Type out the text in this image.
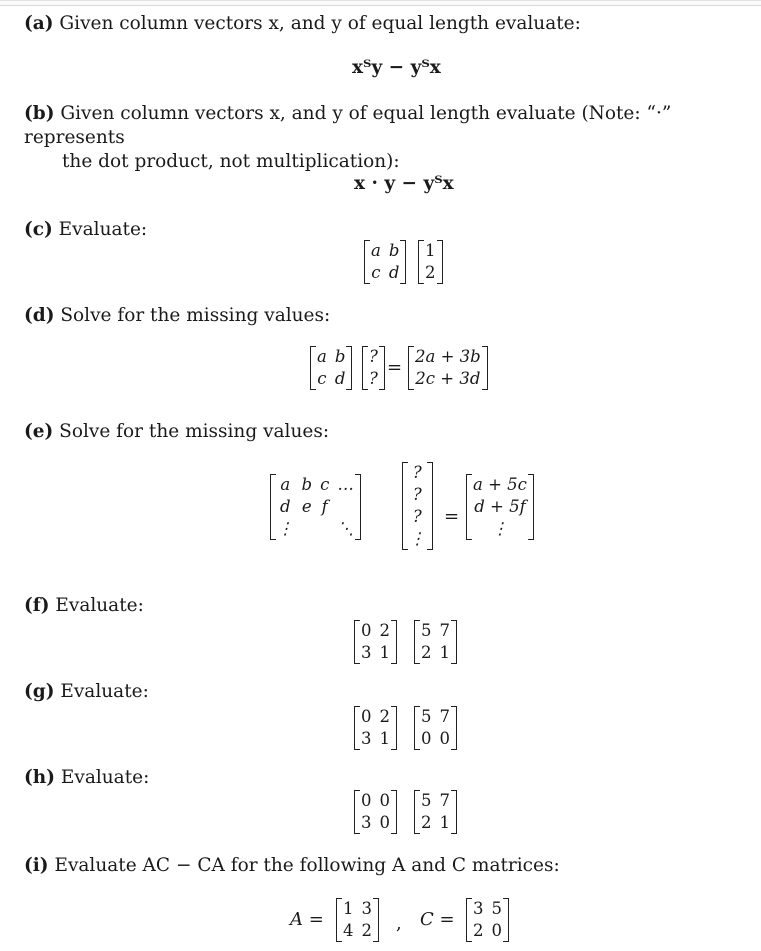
(a) Given column vectors x, and y of equal length evaluate:
xᵀy − yᵀx
(b) Given column vectors x, and y of equal length evaluate (Note: “·” represents
the dot product, not multiplication):
x · y − yᵀx
(c) Evaluate:
a	b
c	d
1
2
(d) Solve for the missing values:
a	b
c	d
?
?
=
2a + 3b
2c + 3d
(e) Solve for the missing values:
a	b	c	…
d	e	f	
⋮			⋱
?
?
?
⋮
=
a + 5c
d + 5f
⋮
(f) Evaluate:
0	2
3	1
5	7
2	1
(g) Evaluate:
0	2
3	1
5	7
0	0
(h) Evaluate:
0	0
3	0
5	7
2	1
(i) Evaluate AC − CA for the following A and C matrices:
A =
1	3
4	2 , C =
3	5
2	0
